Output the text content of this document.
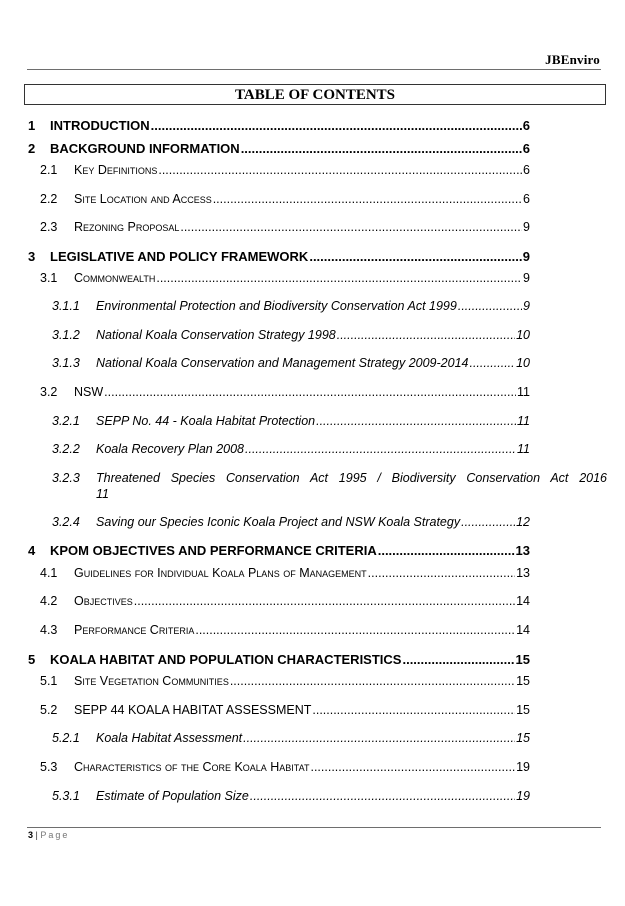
JBEnviro
TABLE OF CONTENTS
1	INTRODUCTION .....	6
2	BACKGROUND INFORMATION .....	6
2.1	Key Definitions .....	6
2.2	Site Location and Access .....	6
2.3	Rezoning Proposal .....	9
3	LEGISLATIVE AND POLICY FRAMEWORK .....	9
3.1	Commonwealth .....	9
3.1.1	Environmental Protection and Biodiversity Conservation Act 1999 .....	9
3.1.2	National Koala Conservation Strategy 1998 .....	10
3.1.3	National Koala Conservation and Management Strategy 2009-2014 .....	10
3.2	NSW .....	11
3.2.1	SEPP No. 44 - Koala Habitat Protection .....	11
3.2.2	Koala Recovery Plan 2008 .....	11
3.2.3 Threatened Species Conservation Act 1995 / Biodiversity Conservation Act 2016
11
3.2.4	Saving our Species Iconic Koala Project and NSW Koala Strategy .....	12
4	KPOM OBJECTIVES AND PERFORMANCE CRITERIA .....	13
4.1	Guidelines for Individual Koala Plans of Management .....	13
4.2	Objectives .....	14
4.3	Performance Criteria .....	14
5	KOALA HABITAT AND POPULATION CHARACTERISTICS .....	15
5.1	Site Vegetation Communities .....	15
5.2	SEPP 44 KOALA HABITAT ASSESSMENT .....	15
5.2.1	Koala Habitat Assessment .....	15
5.3	Characteristics of the Core Koala Habitat .....	19
5.3.1	Estimate of Population Size .....	19
3 | Page
